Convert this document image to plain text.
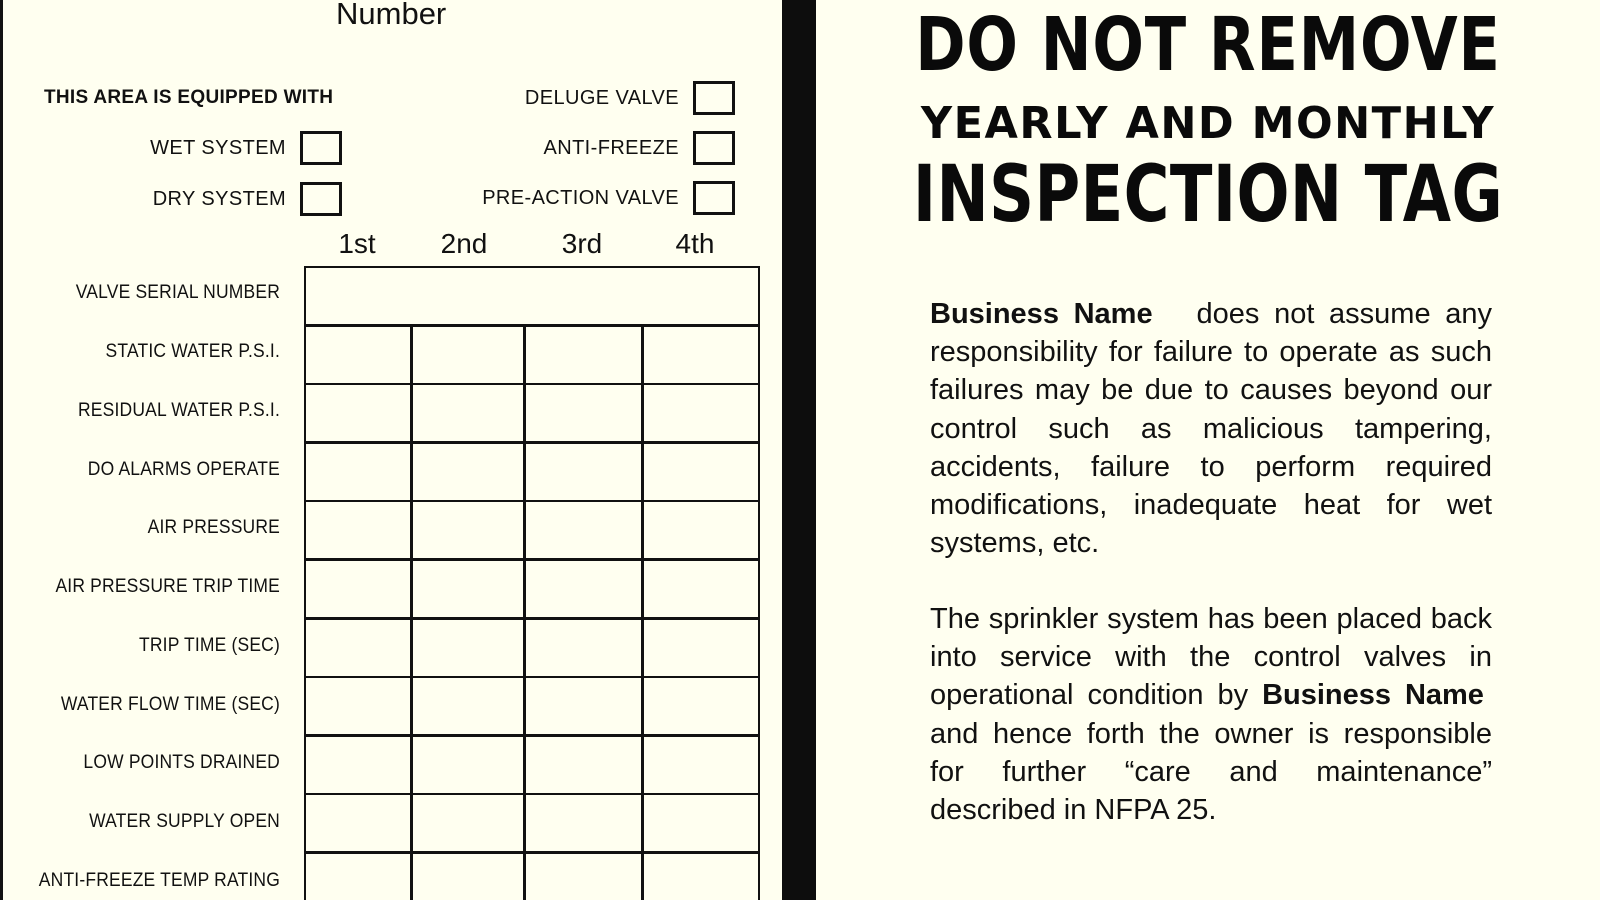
Number
THIS AREA IS EQUIPPED WITH	DELUGE VALVE
WET SYSTEM	ANTI-FREEZE
DRY SYSTEM	PRE-ACTION VALVE
1st	2nd	3rd	4th
VALVE SERIAL NUMBER
STATIC WATER P.S.I.
RESIDUAL WATER P.S.I.
DO ALARMS OPERATE
AIR PRESSURE
AIR PRESSURE TRIP TIME
TRIP TIME (SEC)
WATER FLOW TIME (SEC)
LOW POINTS DRAINED
WATER SUPPLY OPEN
ANTI-FREEZE TEMP RATING
DO NOT REMOVE
YEARLY AND MONTHLY
INSPECTION TAG
Business Name does not assume any responsibility for failure to operate as such failures may be due to causes beyond our control such as malicious tampering, accidents, failure to perform required modifications, inadequate heat for wet systems, etc.
The sprinkler system has been placed back into service with the control valves in operational condition by Business Name  and hence forth the owner is responsible for further “care and maintenance” described in NFPA 25.
